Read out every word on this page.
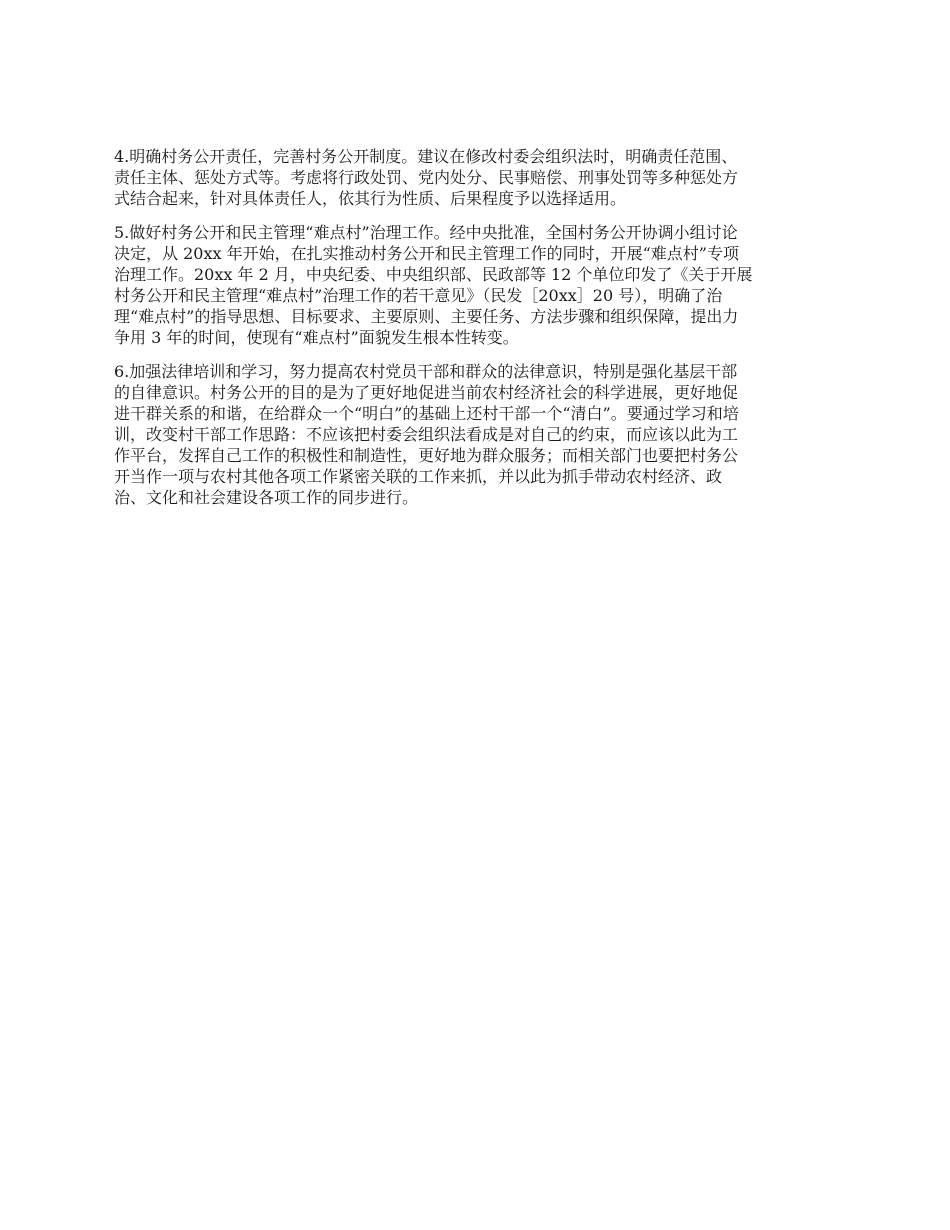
4.明确村务公开责任，完善村务公开制度。建议在修改村委会组织法时，明确责任范围、
责任主体、惩处方式等。考虑将行政处罚、党内处分、民事赔偿、刑事处罚等多种惩处方
式结合起来，针对具体责任人，依其行为性质、后果程度予以选择适用。

5.做好村务公开和民主管理“难点村”治理工作。经中央批准，全国村务公开协调小组讨论
决定，从 20xx 年开始，在扎实推动村务公开和民主管理工作的同时，开展“难点村”专项
治理工作。20xx 年 2 月，中央纪委、中央组织部、民政部等 12 个单位印发了《关于开展
村务公开和民主管理“难点村”治理工作的若干意见》（民发［20xx］20 号），明确了治
理“难点村”的指导思想、目标要求、主要原则、主要任务、方法步骤和组织保障，提出力
争用 3 年的时间，使现有“难点村”面貌发生根本性转变。

6.加强法律培训和学习，努力提高农村党员干部和群众的法律意识，特别是强化基层干部
的自律意识。村务公开的目的是为了更好地促进当前农村经济社会的科学进展，更好地促
进干群关系的和谐，在给群众一个“明白”的基础上还村干部一个“清白”。要通过学习和培
训，改变村干部工作思路：不应该把村委会组织法看成是对自己的约束，而应该以此为工
作平台，发挥自己工作的积极性和制造性，更好地为群众服务；而相关部门也要把村务公
开当作一项与农村其他各项工作紧密关联的工作来抓，并以此为抓手带动农村经济、政
治、文化和社会建设各项工作的同步进行。
